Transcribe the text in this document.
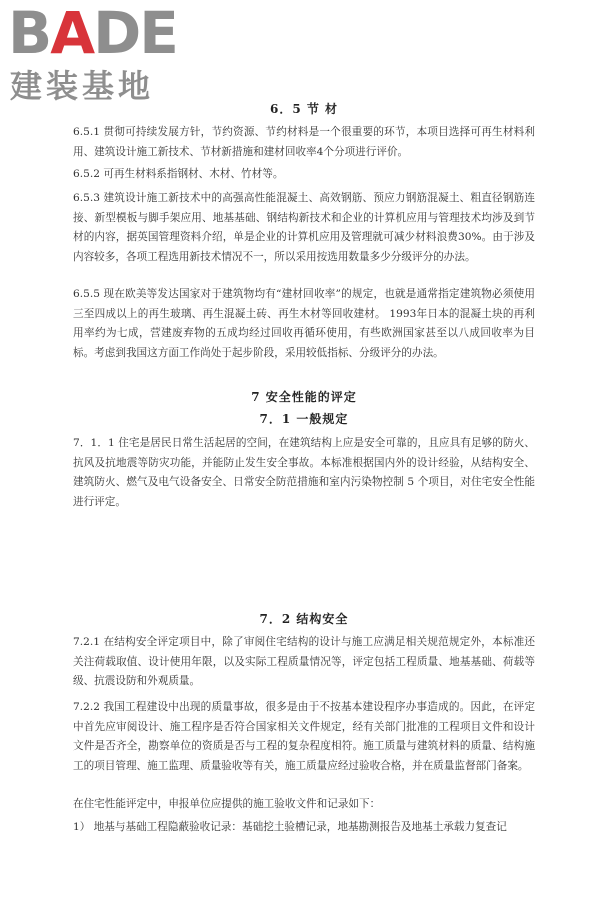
BADE
建装基地
6．5 节 材

6.5.1 贯彻可持续发展方针，节约资源、节约材料是一个很重要的环节，本项目选择可再生材料利用、建筑设计施工新技术、节材新措施和建材回收率4个分项进行评价。

6.5.2 可再生材料系指钢材、木材、竹材等。

6.5.3 建筑设计施工新技术中的高强高性能混凝土、高效钢筋、预应力钢筋混凝土、粗直径钢筋连接、新型模板与脚手架应用、地基基础、钢结构新技术和企业的计算机应用与管理技术均涉及到节材的内容，据英国管理资料介绍，单是企业的计算机应用及管理就可减少材料浪费30%。由于涉及内容较多，各项工程选用新技术情况不一，所以采用按选用数量多少分级评分的办法。

6.5.5 现在欧美等发达国家对于建筑物均有“建材回收率”的规定，也就是通常指定建筑物必须使用三至四成以上的再生玻璃、再生混凝土砖、再生木材等回收建材。 1993年日本的混凝土块的再利用率约为七成，营建废弃物的五成均经过回收再循环使用，有些欧洲国家甚至以八成回收率为目标。考虑到我国这方面工作尚处于起步阶段，采用较低指标、分级评分的办法。

7 安全性能的评定
7．1 一般规定

7．1．1 住宅是居民日常生活起居的空间，在建筑结构上应是安全可靠的，且应具有足够的防火、抗风及抗地震等防灾功能，并能防止发生安全事故。本标准根据国内外的设计经验，从结构安全、建筑防火、燃气及电气设备安全、日常安全防范措施和室内污染物控制 5 个项目，对住宅安全性能进行评定。

7．2 结构安全

7.2.1 在结构安全评定项目中，除了审阅住宅结构的设计与施工应满足相关规范规定外，本标准还关注荷载取值、设计使用年限，以及实际工程质量情况等，评定包括工程质量、地基基础、荷载等级、抗震设防和外观质量。

7.2.2 我国工程建设中出现的质量事故，很多是由于不按基本建设程序办事造成的。因此，在评定中首先应审阅设计、施工程序是否符合国家相关文件规定，经有关部门批准的工程项目文件和设计文件是否齐全，勘察单位的资质是否与工程的复杂程度相符。施工质量与建筑材料的质量、结构施工的项目管理、施工监理、质量验收等有关，施工质量应经过验收合格，并在质量监督部门备案。

在住宅性能评定中，申报单位应提供的施工验收文件和记录如下：

1） 地基与基础工程隐蔽验收记录：基础挖土验槽记录，地基勘测报告及地基土承载力复查记
